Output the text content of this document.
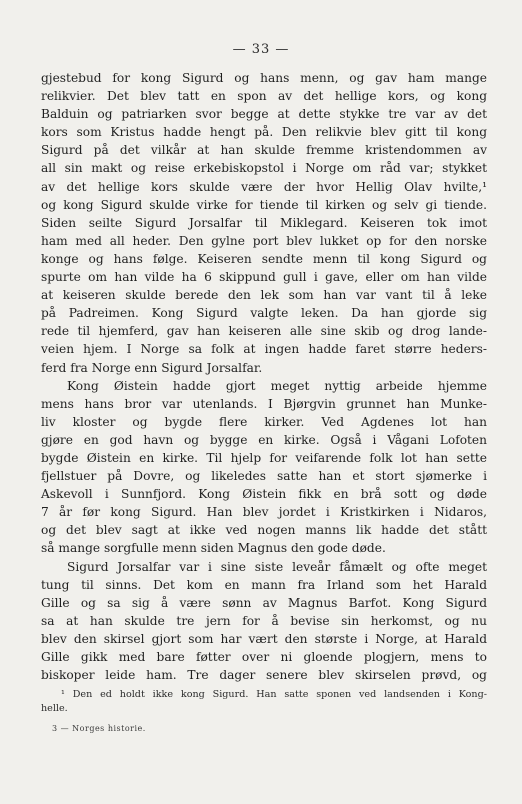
— 33 —
gjestebud for kong Sigurd og hans menn, og gav ham mange
relikvier. Det blev tatt en spon av det hellige kors, og kong
Balduin og patriarken svor begge at dette stykke tre var av det
kors som Kristus hadde hengt på. Den relikvie blev gitt til kong
Sigurd på det vilkår at han skulde fremme kristendommen av
all sin makt og reise erkebiskopstol i Norge om råd var; stykket
av det hellige kors skulde være der hvor Hellig Olav hvilte,¹
og kong Sigurd skulde virke for tiende til kirken og selv gi tiende.
Siden seilte Sigurd Jorsalfar til Miklegard. Keiseren tok imot
ham med all heder. Den gylne port blev lukket op for den norske
konge og hans følge. Keiseren sendte menn til kong Sigurd og
spurte om han vilde ha 6 skippund gull i gave, eller om han vilde
at keiseren skulde berede den lek som han var vant til å leke
på Padreimen. Kong Sigurd valgte leken. Da han gjorde sig
rede til hjemferd, gav han keiseren alle sine skib og drog lande-
veien hjem. I Norge sa folk at ingen hadde faret større heders-
ferd fra Norge enn Sigurd Jorsalfar.
Kong Øistein hadde gjort meget nyttig arbeide hjemme
mens hans bror var utenlands. I Bjørgvin grunnet han Munke-
liv kloster og bygde flere kirker. Ved Agdenes lot han
gjøre en god havn og bygge en kirke. Også i Vågani Lofoten
bygde Øistein en kirke. Til hjelp for veifarende folk lot han sette
fjellstuer på Dovre, og likeledes satte han et stort sjømerke i
Askevoll i Sunnfjord. Kong Øistein fikk en brå sott og døde
7 år før kong Sigurd. Han blev jordet i Kristkirken i Nidaros,
og det blev sagt at ikke ved nogen manns lik hadde det stått
så mange sorgfulle menn siden Magnus den gode døde.
Sigurd Jorsalfar var i sine siste leveår fåmælt og ofte meget
tung til sinns. Det kom en mann fra Irland som het Harald
Gille og sa sig å være sønn av Magnus Barfot. Kong Sigurd
sa at han skulde tre jern for å bevise sin herkomst, og nu
blev den skirsel gjort som har vært den største i Norge, at Harald
Gille gikk med bare føtter over ni gloende plogjern, mens to
biskoper leide ham. Tre dager senere blev skirselen prøvd, og
¹ Den ed holdt ikke kong Sigurd. Han satte sponen ved landsenden i Kong-
helle.
3 — Norges historie.
